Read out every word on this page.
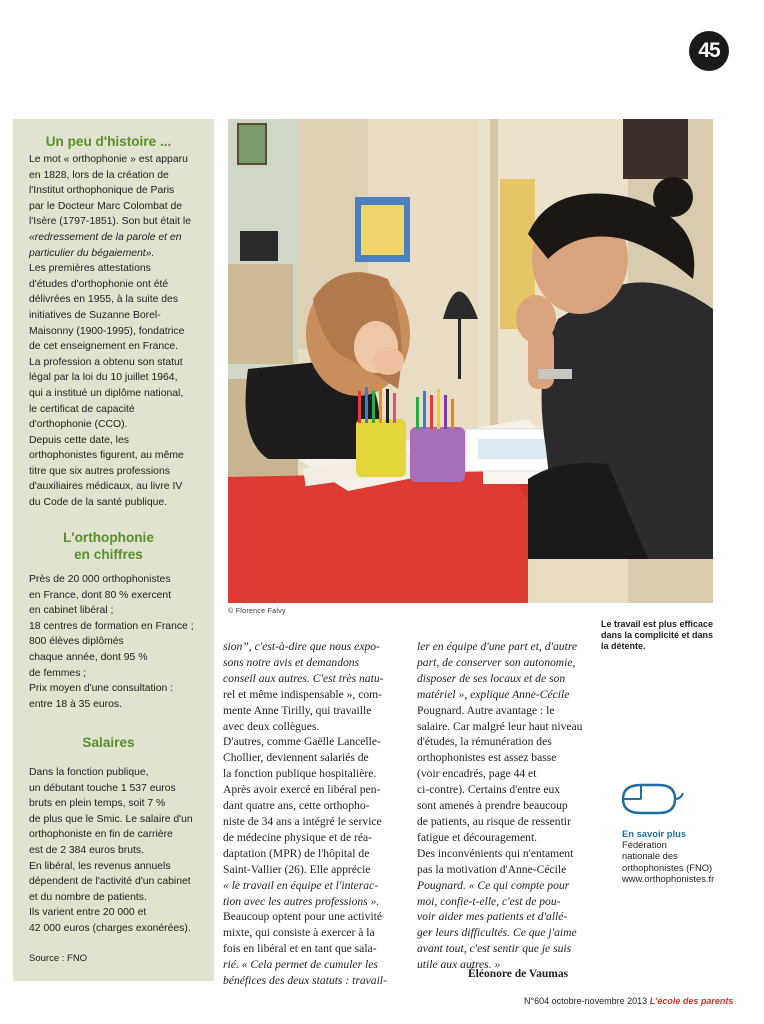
45
Un peu d'histoire ...

Le mot « orthophonie » est apparu

en 1828, lors de la création de

l'Institut orthophonique de Paris

par le Docteur Marc Colombat de

l'Isère (1797-1851). Son but était le

«redressement de la parole et en

particulier du bégaiement».

Les premières attestations

d'études d'orthophonie ont été

délivrées en 1955, à la suite des

initiatives de Suzanne Borel-

Maisonny (1900-1995), fondatrice

de cet enseignement en France.

La profession a obtenu son statut

légal par la loi du 10 juillet 1964,

qui a institué un diplôme national,

le certificat de capacité

d'orthophonie (CCO).

Depuis cette date, les

orthophonistes figurent, au même

titre que six autres professions

d'auxiliaires médicaux, au livre IV

du Code de la santé publique.

L'orthophonie
en chiffres

Près de 20 000 orthophonistes

en France, dont 80 % exercent

en cabinet libéral ;

18 centres de formation en France ;

800 élèves diplômés

chaque année, dont 95 %

de femmes ;

Prix moyen d'une consultation :

entre 18 à 35 euros.

Salaires

Dans la fonction publique,

un débutant touche 1 537 euros

bruts en plein temps, soit 7 %

de plus que le Smic. Le salaire d'un

orthophoniste en fin de carrière

est de 2 384 euros bruts.

En libéral, les revenus annuels

dépendent de l'activité d'un cabinet

et du nombre de patients.

Ils varient entre 20 000 et

42 000 euros (charges exonérées).

Source : FNO

© Florence Falvy
Le travail est plus efficace dans la complicité et dans la détente.

sion”, c'est-à-dire que nous expo-

sons notre avis et demandons

conseil aux autres. C'est très natu-

rel et même indispensable », com-

mente Anne Tirilly, qui travaille

avec deux collègues.

D'autres, comme Gaëlle Lancelle-

Chollier, deviennent salariés de

la fonction publique hospitalière.

Après avoir exercé en libéral pen-

dant quatre ans, cette orthopho-

niste de 34 ans a intégré le service

de médecine physique et de réa-

daptation (MPR) de l'hôpital de

Saint-Vallier (26). Elle apprécie

« le travail en équipe et l'interac-

tion avec les autres professions ».

Beaucoup optent pour une activité

mixte, qui consiste à exercer à la

fois en libéral et en tant que sala-

rié. « Cela permet de cumuler les

bénéfices des deux statuts : travail-

ler en équipe d'une part et, d'autre

part, de conserver son autonomie,

disposer de ses locaux et de son

matériel », explique Anne-Cécile

Pougnard. Autre avantage : le

salaire. Car malgré leur haut niveau

d'études, la rémunération des

orthophonistes est assez basse

(voir encadrés, page 44 et

ci-contre). Certains d'entre eux

sont amenés à prendre beaucoup

de patients, au risque de ressentir

fatigue et découragement.

Des inconvénients qui n'entament

pas la motivation d'Anne-Cécile

Pougnard. « Ce qui compte pour

moi, confie-t-elle, c'est de pou-

voir aider mes patients et d'allé-

ger leurs difficultés. Ce que j'aime

avant tout, c'est sentir que je suis

utile aux autres. »

Éléonore de Vaumas
En savoir plus
Fédération
nationale des
orthophonistes (FNO)
www.orthophonistes.fr
N°604 octobre-novembre 2013 L'école des parents
